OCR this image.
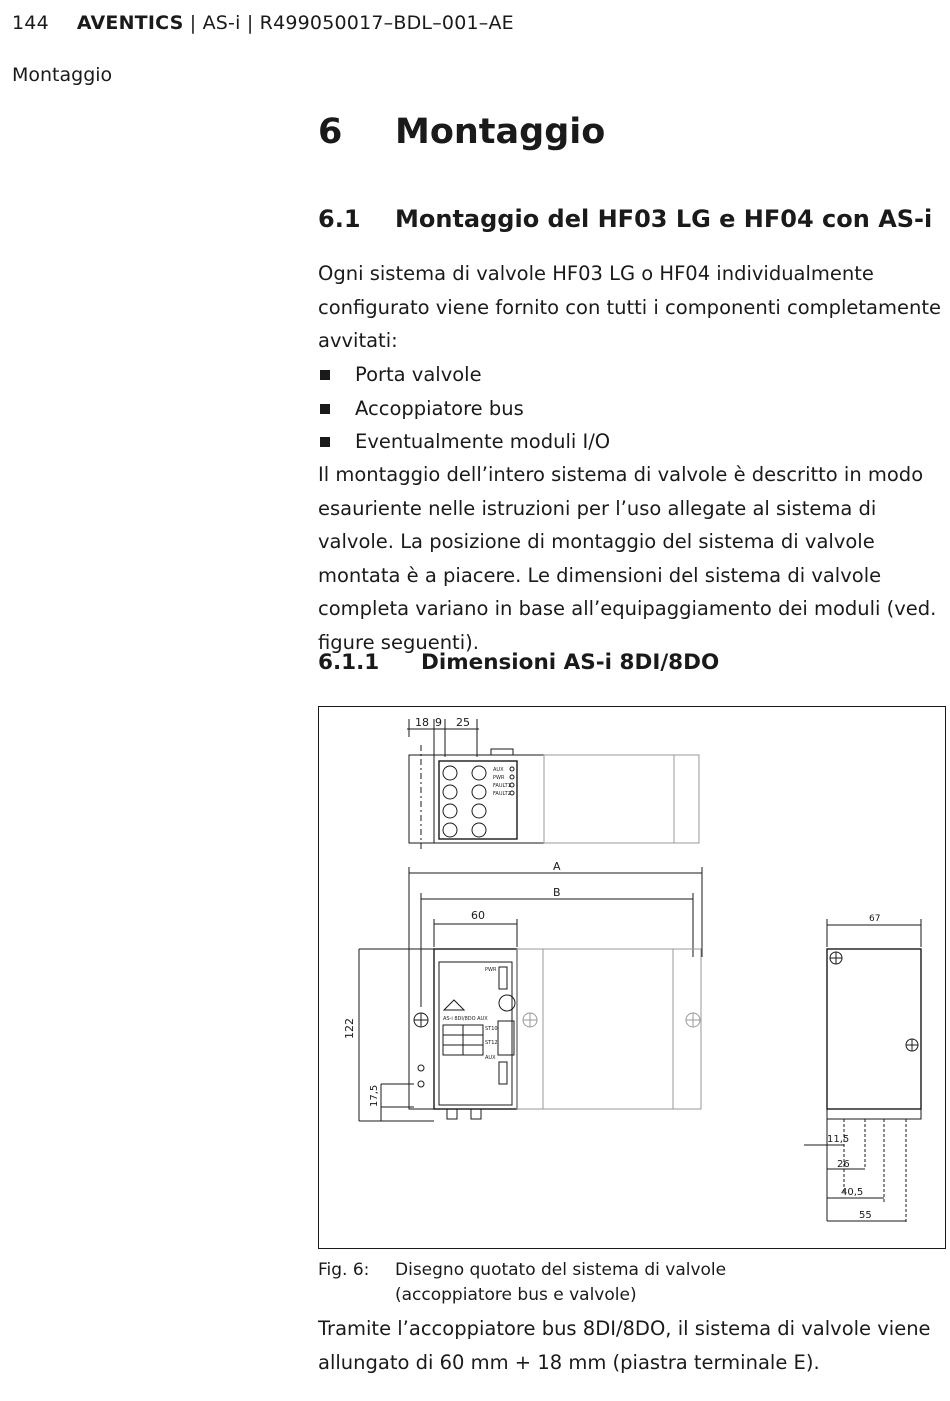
144 AVENTICS | AS-i | R499050017–BDL–001–AE
Montaggio
6 Montaggio
6.1 Montaggio del HF03 LG e HF04 con AS-i
Ogni sistema di valvole HF03 LG o HF04 individualmente configurato viene fornito con tutti i componenti completamente avvitati:
Porta valvole
Accoppiatore bus
Eventualmente moduli I/O
Il montaggio dell’intero sistema di valvole è descritto in modo esauriente nelle istruzioni per l’uso allegate al sistema di valvole. La posizione di montaggio del sistema di valvole montata è a piacere. Le dimensioni del sistema di valvole completa variano in base all’equipaggiamento dei moduli (ved. figure seguenti).
6.1.1 Dimensioni AS-i 8DI/8DO
18 9 25
AUX
PWR
FAULT1
FAULT2
A
B
60
122
17,5
PWR
AS-i 8DI/8DO AUX
ST10
ST12
AUX
67
11,5
26
40,5
55
Fig. 6: Disegno quotato del sistema di valvole
(accoppiatore bus e valvole)
Tramite l’accoppiatore bus 8DI/8DO, il sistema di valvole viene allungato di 60 mm + 18 mm (piastra terminale E).
